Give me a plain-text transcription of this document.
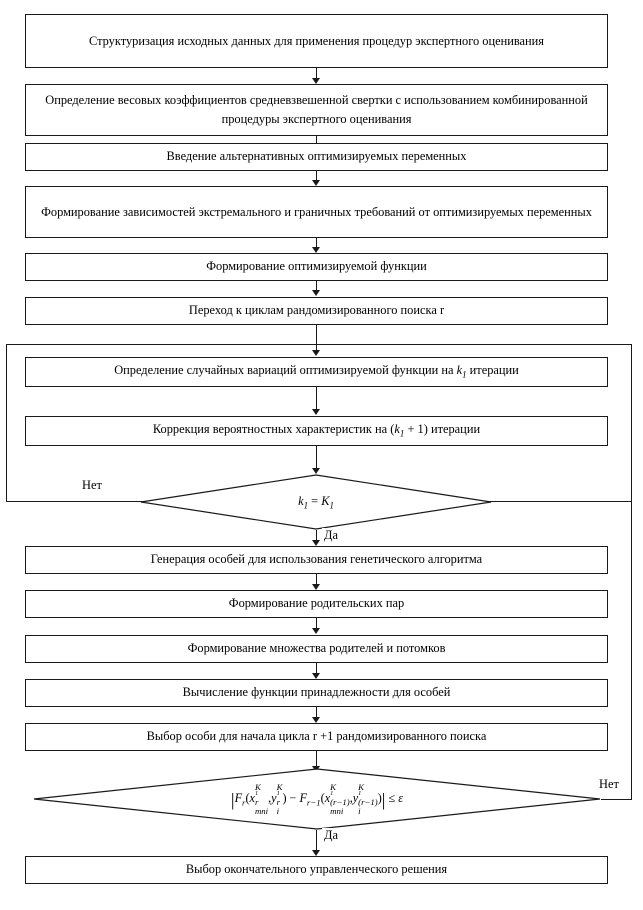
Структуризация исходных данных для применения процедур экспертного оценивания
Определение весовых коэффициентов средневзвешенной свертки с использованием комбинированной процедуры экспертного оценивания
Введение альтернативных оптимизируемых переменных
Формирование зависимостей экстремального и граничных требований от оптимизируемых переменных
Формирование оптимизируемой функции
Переход к циклам рандомизированного поиска r
Определение случайных вариаций оптимизируемой функции на $k_1$ итерации
Коррекция вероятностных характеристик на $(k_1 + 1)$ итерации
$k_1 = K_1$
Нет
Да
Генерация особей для использования генетического алгоритма
Формирование родительских пар
Формирование множества родителей и потомков
Вычисление функции принадлежности для особей
Выбор особи для начала цикла r +1 рандомизированного поиска
$|F_r(x$
K
1
r
mni
,y
K
1
r
i
) − $F_{r-1}(x$
K
1
(r−1)
mni
,y
K
1
(r−1)
i
)| ≤ ε
Нет
Да
Выбор окончательного управленческого решения
